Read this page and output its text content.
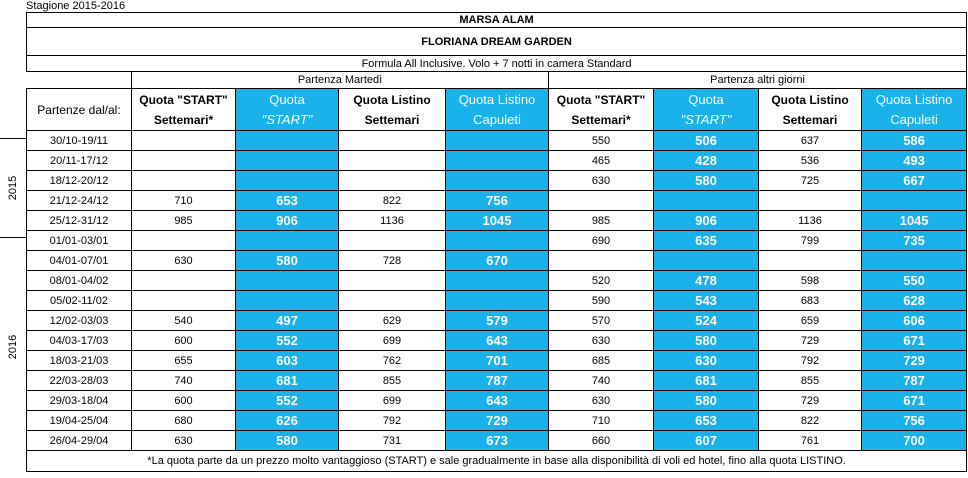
Stagione 2015-2016
2015
2016
MARSA ALAM								
FLORIANA DREAM GARDEN								
Formula All Inclusive. Volo + 7 notti in camera Standard								
	Partenza Martedì				Partenza altri giorni			
Partenze dal/al:	Quota "START"
Settemari*	Quota
"START"	Quota Listino
Settemari	Quota Listino
Capuleti	Quota "START"
Settemari*	Quota
"START"	Quota Listino
Settemari	Quota Listino
Capuleti
30/10-19/11					550	506	637	586
20/11-17/12					465	428	536	493
18/12-20/12					630	580	725	667
21/12-24/12	710	653	822	756				
25/12-31/12	985	906	1136	1045	985	906	1136	1045
01/01-03/01					690	635	799	735
04/01-07/01	630	580	728	670				
08/01-04/02					520	478	598	550
05/02-11/02					590	543	683	628
12/02-03/03	540	497	629	579	570	524	659	606
04/03-17/03	600	552	699	643	630	580	729	671
18/03-21/03	655	603	762	701	685	630	792	729
22/03-28/03	740	681	855	787	740	681	855	787
29/03-18/04	600	552	699	643	630	580	729	671
19/04-25/04	680	626	792	729	710	653	822	756
26/04-29/04	630	580	731	673	660	607	761	700
*La quota parte da un prezzo molto vantaggioso (START) e sale gradualmente in base alla disponibilità di voli ed hotel, fino alla quota LISTINO.								
